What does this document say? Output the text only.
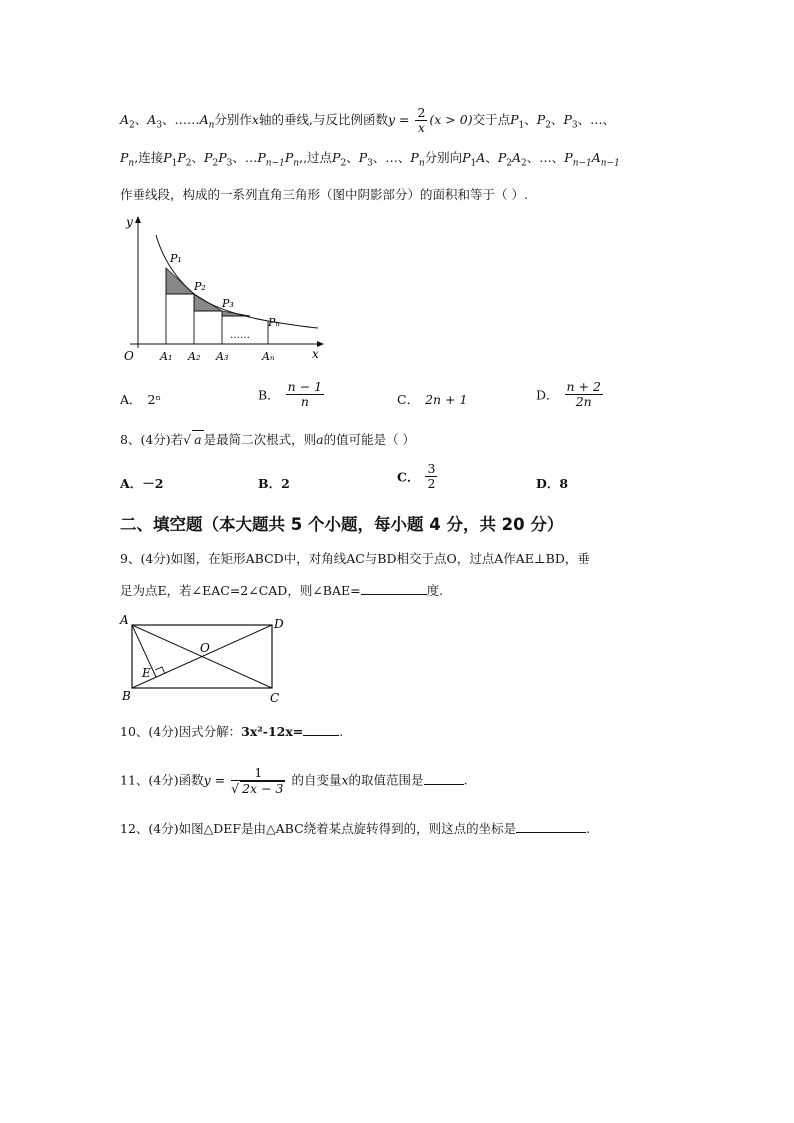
$A_2$、$A_3$、$\dots\dots A_n$分别作x轴的垂线,与反比例函数$y = \frac{2}{x} (x > 0)$交于点$P_1$、$P_2$、$P_3$、…、
$P_n$,连接$P_1P_2$、$P_2P_3$、$\dots P_{n-1}P_n$,,过点$P_2$、$P_3$、…、$P_n$分别向$P_1A$、$P_2A_2$、…、$P_{n-1}A_{n-1}$
作垂线段，构成的一系列直角三角形（图中阴影部分）的面积和等于（ ）.
y
x
O
P₁
P₂
P₃
Pₙ
A₁ A₂ A₃	Aₙ
……
A． 2ⁿ	B． $\frac{n - 1}{n}$	C． 2n + 1	D． $\frac{n + 2}{2n}$
8、(4分)若√ a 是最简二次根式，则a的值可能是（ ）
A．－2	B．2	C． $\frac{3}{2}$	D．8
二、填空题（本大题共 5 个小题，每小题 4 分，共 20 分）
9、(4分)如图，在矩形ABCD中，对角线AC与BD相交于点O，过点A作AE⊥BD，垂
足为点E，若∠EAC=2∠CAD，则∠BAE=	度.
A	D
O
E
B	C
10、(4分)因式分解：3x²-12x=	.
11、(4分)函数$y = \frac{1}{√ 2x - 3}$ 的自变量x的取值范围是	.
12、(4分)如图△DEF是由△ABC绕着某点旋转得到的，则这点的坐标是	.
